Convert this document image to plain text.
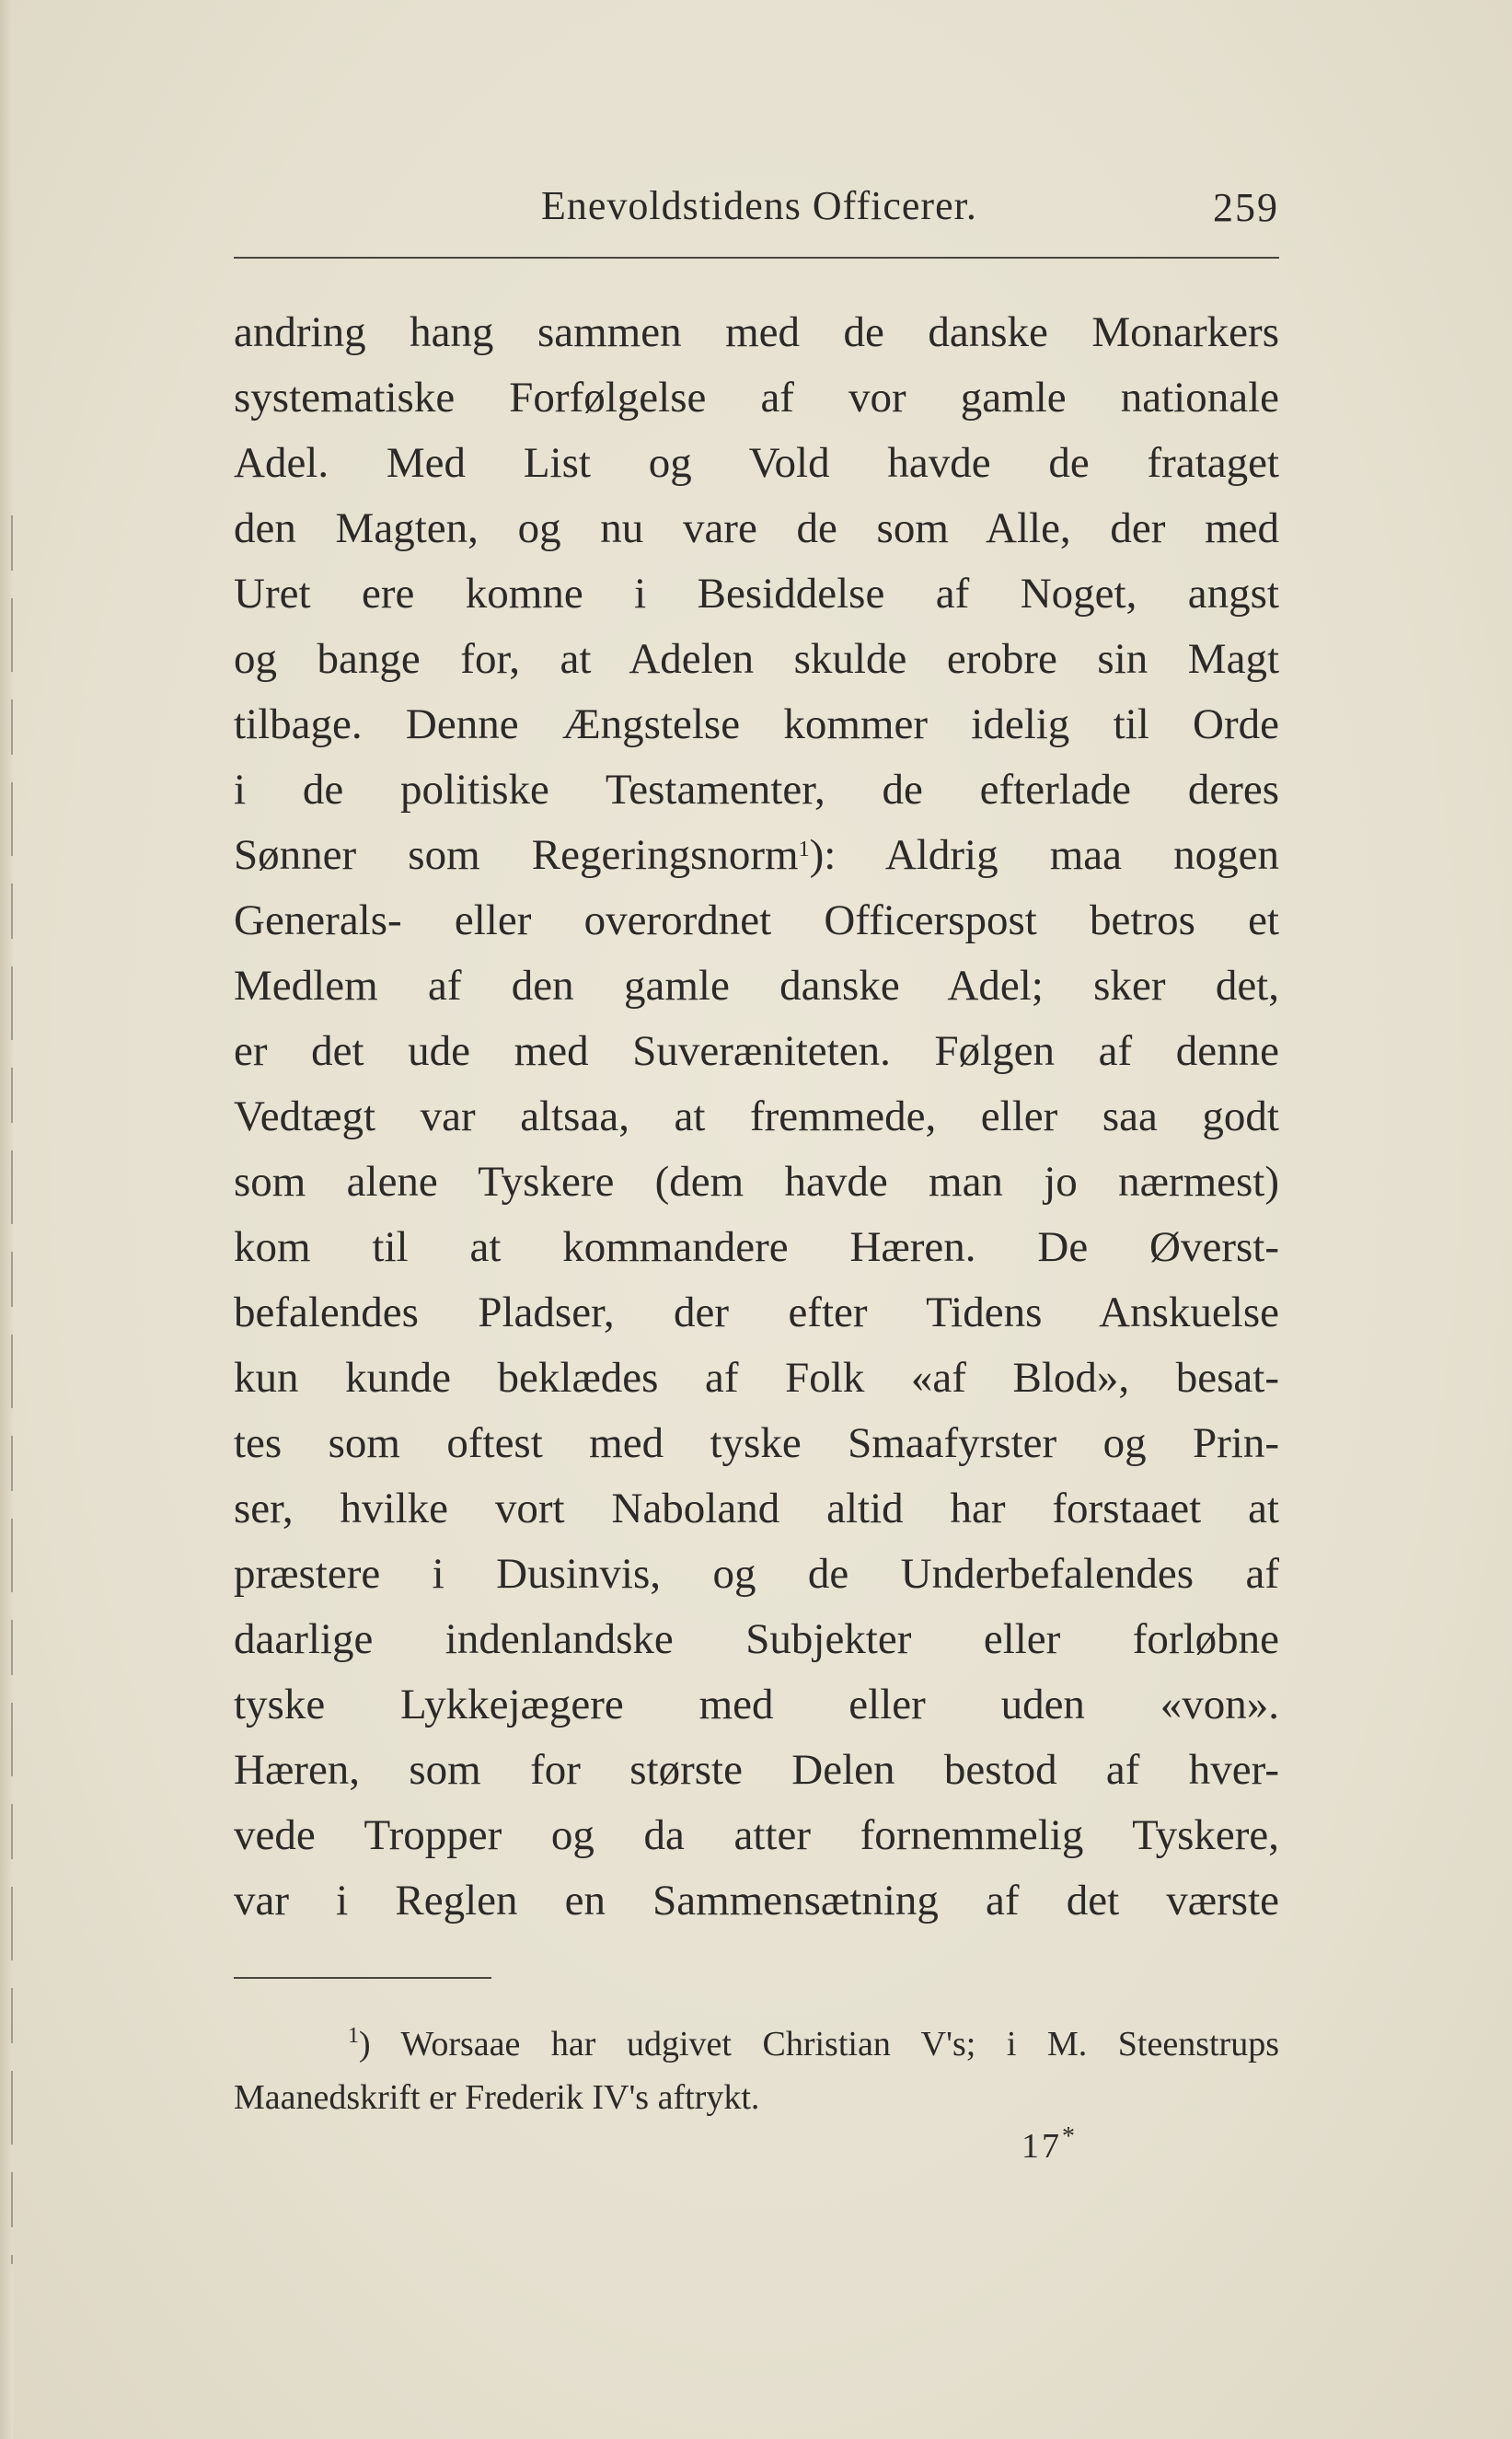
Enevoldstidens Officerer.	259
andring hang sammen med de danske Monarkers
systematiske Forfølgelse af vor gamle nationale
Adel. Med List og Vold havde de frataget
den Magten, og nu vare de som Alle, der med
Uret ere komne i Besiddelse af Noget, angst
og bange for, at Adelen skulde erobre sin Magt
tilbage. Denne Ængstelse kommer idelig til Orde
i de politiske Testamenter, de efterlade deres
Sønner som Regeringsnorm$^1$): Aldrig maa nogen
Generals- eller overordnet Officerspost betros et
Medlem af den gamle danske Adel; sker det,
er det ude med Suveræniteten. Følgen af denne
Vedtægt var altsaa, at fremmede, eller saa godt
som alene Tyskere (dem havde man jo nærmest)
kom til at kommandere Hæren. De Øverst-
befalendes Pladser, der efter Tidens Anskuelse
kun kunde beklædes af Folk «af Blod», besat-
tes som oftest med tyske Smaafyrster og Prin-
ser, hvilke vort Naboland altid har forstaaet at
præstere i Dusinvis, og de Underbefalendes af
daarlige indenlandske Subjekter eller forløbne
tyske Lykkejægere med eller uden «von».
Hæren, som for største Delen bestod af hver-
vede Tropper og da atter fornemmelig Tyskere,
var i Reglen en Sammensætning af det værste
$^1$) Worsaae har udgivet Christian V's; i M. Steenstrups
Maanedskrift er Frederik IV's aftrykt.
17*
